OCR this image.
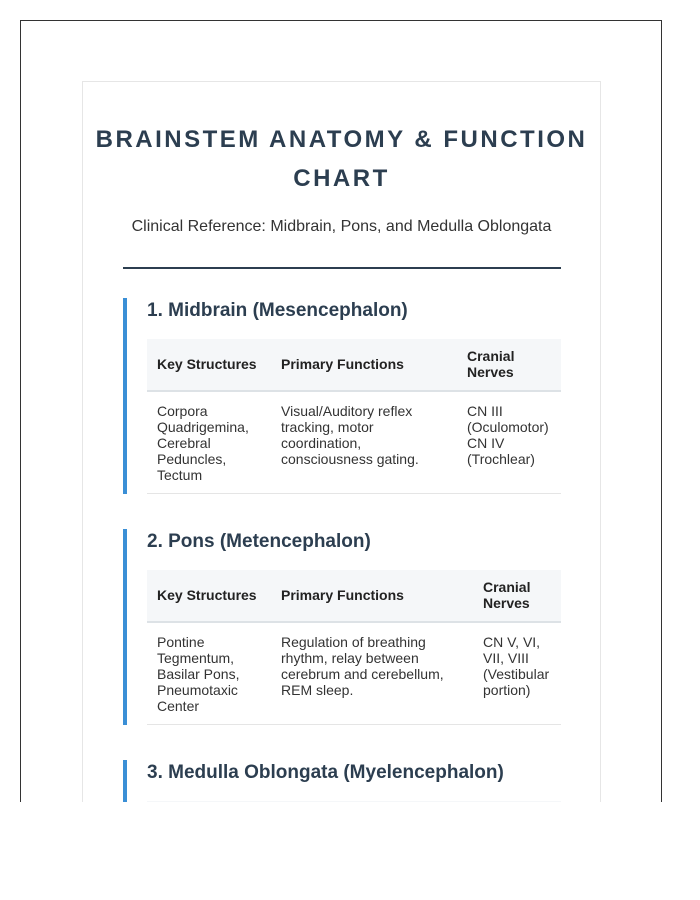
BRAINSTEM ANATOMY & FUNCTION CHART
Clinical Reference: Midbrain, Pons, and Medulla Oblongata
1. Midbrain (Mesencephalon)
Key Structures	Primary Functions	Cranial Nerves
Corpora Quadrigemina, Cerebral Peduncles, Tectum	Visual/Auditory reflex tracking, motor coordination, consciousness gating.	CN III (Oculomotor) CN IV (Trochlear)
2. Pons (Metencephalon)
Key Structures	Primary Functions	Cranial Nerves
Pontine Tegmentum, Basilar Pons, Pneumotaxic Center	Regulation of breathing rhythm, relay between cerebrum and cerebellum, REM sleep.	CN V, VI, VII, VIII (Vestibular portion)
3. Medulla Oblongata (Myelencephalon)
